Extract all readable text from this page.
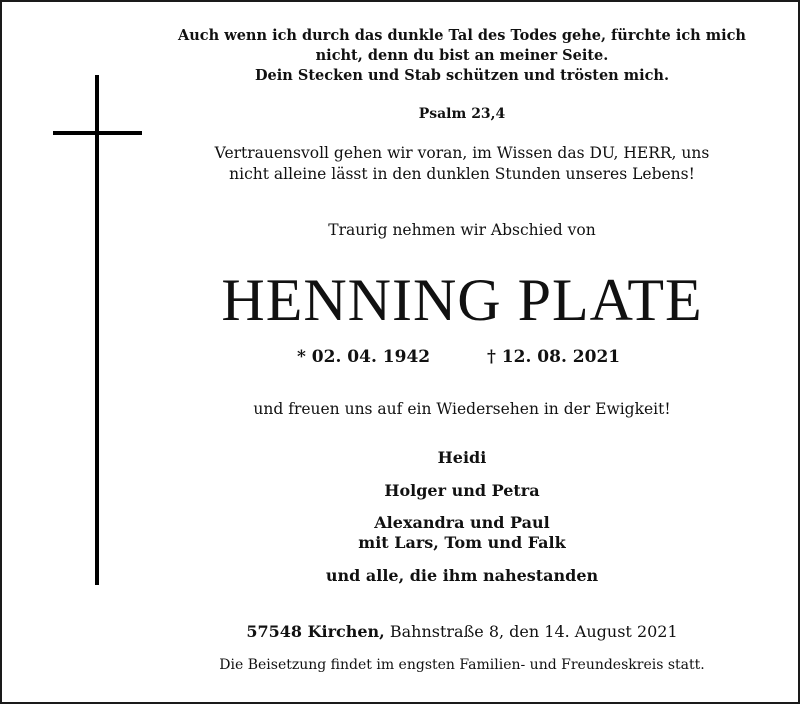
Auch wenn ich durch das dunkle Tal des Todes gehe, fürchte ich mich
nicht, denn du bist an meiner Seite.
Dein Stecken und Stab schützen und trösten mich.
Psalm 23,4
Vertrauensvoll gehen wir voran, im Wissen das DU, HERR, uns
nicht alleine lässt in den dunklen Stunden unseres Lebens!
Traurig nehmen wir Abschied von
HENNING PLATE
* 02. 04. 1942	† 12. 08. 2021
und freuen uns auf ein Wiedersehen in der Ewigkeit!
Heidi
Holger und Petra
Alexandra und Paul
mit Lars, Tom und Falk
und alle, die ihm nahestanden
57548 Kirchen, Bahnstraße 8, den 14. August 2021
Die Beisetzung findet im engsten Familien- und Freundeskreis statt.
